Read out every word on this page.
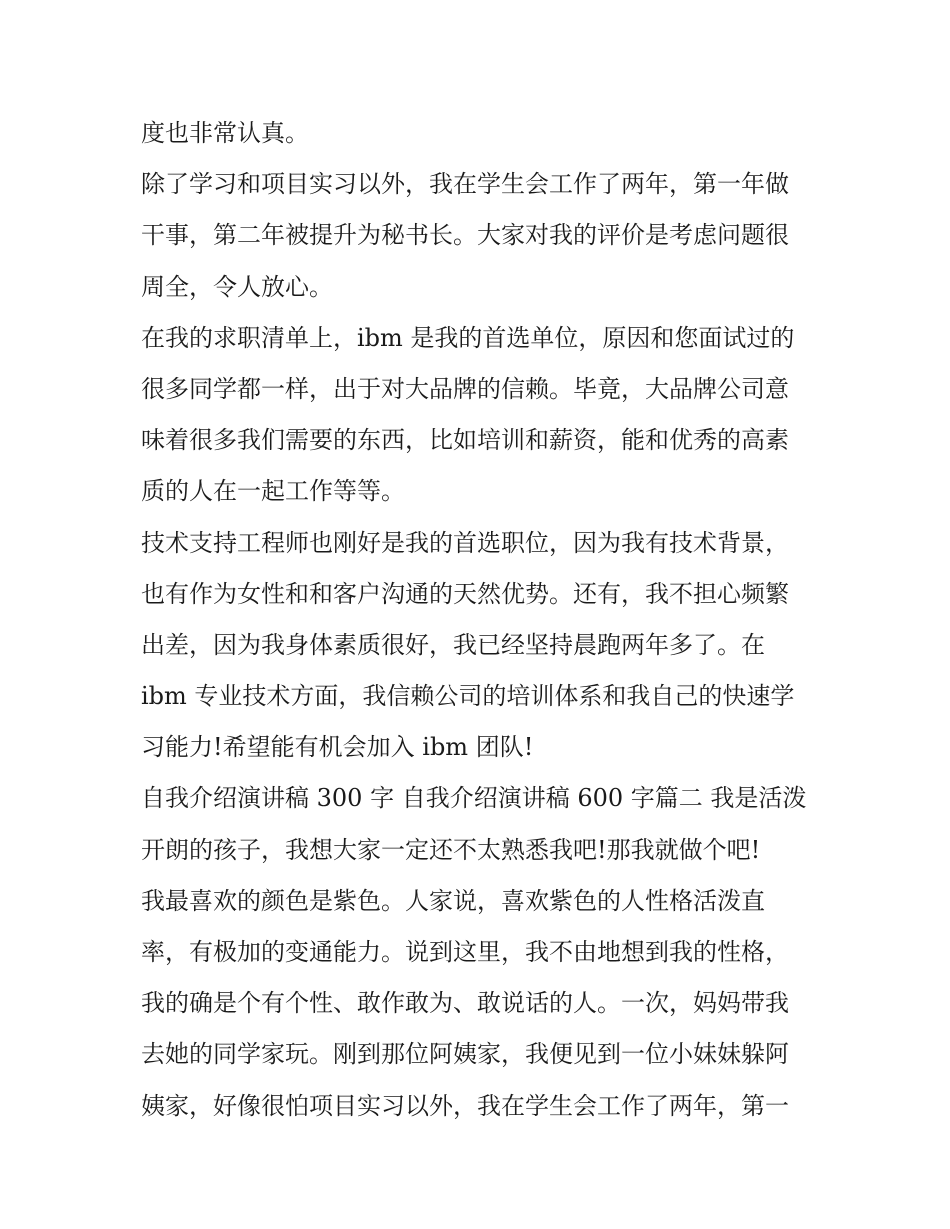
度也非常认真。
除了学习和项目实习以外，我在学生会工作了两年，第一年做
干事，第二年被提升为秘书长。大家对我的评价是考虑问题很
周全，令人放心。
在我的求职清单上，ibm 是我的首选单位，原因和您面试过的
很多同学都一样，出于对大品牌的信赖。毕竟，大品牌公司意
味着很多我们需要的东西，比如培训和薪资，能和优秀的高素
质的人在一起工作等等。
技术支持工程师也刚好是我的首选职位，因为我有技术背景，
也有作为女性和和客户沟通的天然优势。还有，我不担心频繁
出差，因为我身体素质很好，我已经坚持晨跑两年多了。在
ibm 专业技术方面，我信赖公司的培训体系和我自己的快速学
习能力!希望能有机会加入 ibm 团队!
自我介绍演讲稿 300 字 自我介绍演讲稿 600 字篇二 我是活泼
开朗的孩子，我想大家一定还不太熟悉我吧!那我就做个吧!
我最喜欢的颜色是紫色。人家说，喜欢紫色的人性格活泼直
率，有极加的变通能力。说到这里，我不由地想到我的性格，
我的确是个有个性、敢作敢为、敢说话的人。一次，妈妈带我
去她的同学家玩。刚到那位阿姨家，我便见到一位小妹妹躲阿
姨家，好像很怕项目实习以外，我在学生会工作了两年，第一
